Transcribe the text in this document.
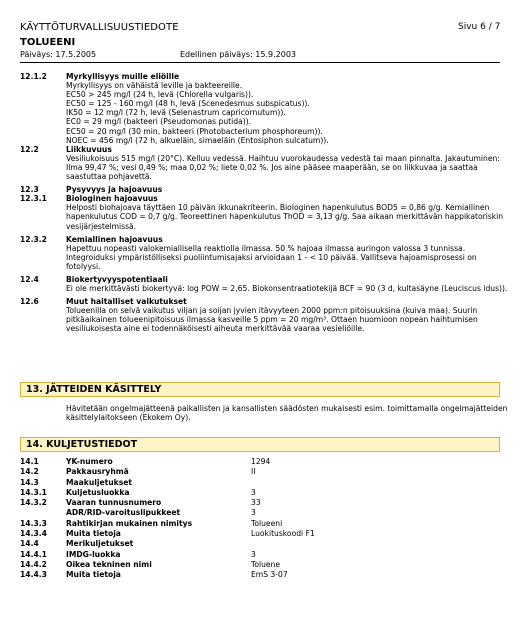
KÄYTTÖTURVALLISUUSTIEDOTE	Sivu 6 / 7
TOLUEENI
Päiväys: 17.5.2005	Edellinen päiväys: 15.9.2003
12.1.2	Myrkyllisyys muille eliöille
Myrkyllisyys on vähäistä leville ja bakteereille.
EC50 > 245 mg/l (24 h, levä (Chlorella vulgaris)).
EC50 = 125 - 160 mg/l (48 h, levä (Scenedesmus subspicatus)).
IK50 = 12 mg/l (72 h, levä (Selenastrum capricornutum)).
EC0 = 29 mg/l (bakteeri (Pseudomonas putida)).
EC50 = 20 mg/l (30 min, bakteeri (Photobacterium phosphoreum)).
NOEC = 456 mg/l (72 h, alkueläin, simaeläin (Entosiphon sulcatum)).
12.2	Liikkuvuus
Vesiliukoisuus 515 mg/l (20°C). Kelluu vedessä. Haihtuu vuorokaudessa vedestä tai maan pinnalta. Jakautuminen:
Ilma 99,47 %; vesi 0,49 %; maa 0,02 %; liete 0,02 %. Jos aine pääsee maaperään, se on liikkuvaa ja saattaa
saastuttaa pohjavettä.
12.3	Pysyvyys ja hajoavuus
12.3.1	Biologinen hajoavuus
Helposti biohajoava täyttäen 10 päivän ikkunakriteerin. Biologinen hapenkulutus BOD5 = 0,86 g/g. Kemiallinen
hapenkulutus COD = 0,7 g/g. Teoreettinen hapenkulutus ThOD = 3,13 g/g. Saa aikaan merkittävän happikatoriskin
vesijärjestelmissä.
12.3.2	Kemiallinen hajoavuus
Hapettuu nopeasti valokemiallisella reaktiolla ilmassa. 50 % hajoaa ilmassa auringon valossa 3 tunnissa.
Integroiduksi ympäristölliseksi puoliintumisajaksi arvioidaan 1 - < 10 päivää. Vallitseva hajoamisprosessi on
fotolyysi.
12.4	Biokertyvyyspotentiaali
Ei ole merkittävästi biokertyvä: log POW = 2,65. Biokonsentraatiotekijä BCF = 90 (3 d, kultasäyne (Leuciscus idus)).
12.6	Muut haitalliset vaikutukset
Tolueenilla on selvä vaikutus viljan ja soijan jyvien itävyyteen 2000 ppm:n pitoisuuksina (kuiva maa). Suurin
pitkäaikainen tolueenipitoisuus ilmassa kasveille 5 ppm = 20 mg/m³. Ottaen huomioon nopean haihtumisen
vesiliukoisesta aine ei todennäköisesti aiheuta merkittävää vaaraa vesieliöille.
13. JÄTTEIDEN KÄSITTELY
Hävitetään ongelmajätteenä paikallisten ja kansallisten säädösten mukaisesti esim. toimittamalla ongelmajätteiden
käsittelylaitokseen (Ekokem Oy).
14. KULJETUSTIEDOT
14.1	YK-numero	1294
14.2	Pakkausryhmä	II
14.3	Maakuljetukset
14.3.1	Kuljetusluokka	3
14.3.2	Vaaran tunnusnumero	33
ADR/RID-varoituslipukkeet	3
14.3.3	Rahtikirjan mukainen nimitys	Tolueeni
14.3.4	Muita tietoja	Luokituskoodi F1
14.4	Merikuljetukset
14.4.1	IMDG-luokka	3
14.4.2	Oikea tekninen nimi	Toluene
14.4.3	Muita tietoja	EmS 3-07
